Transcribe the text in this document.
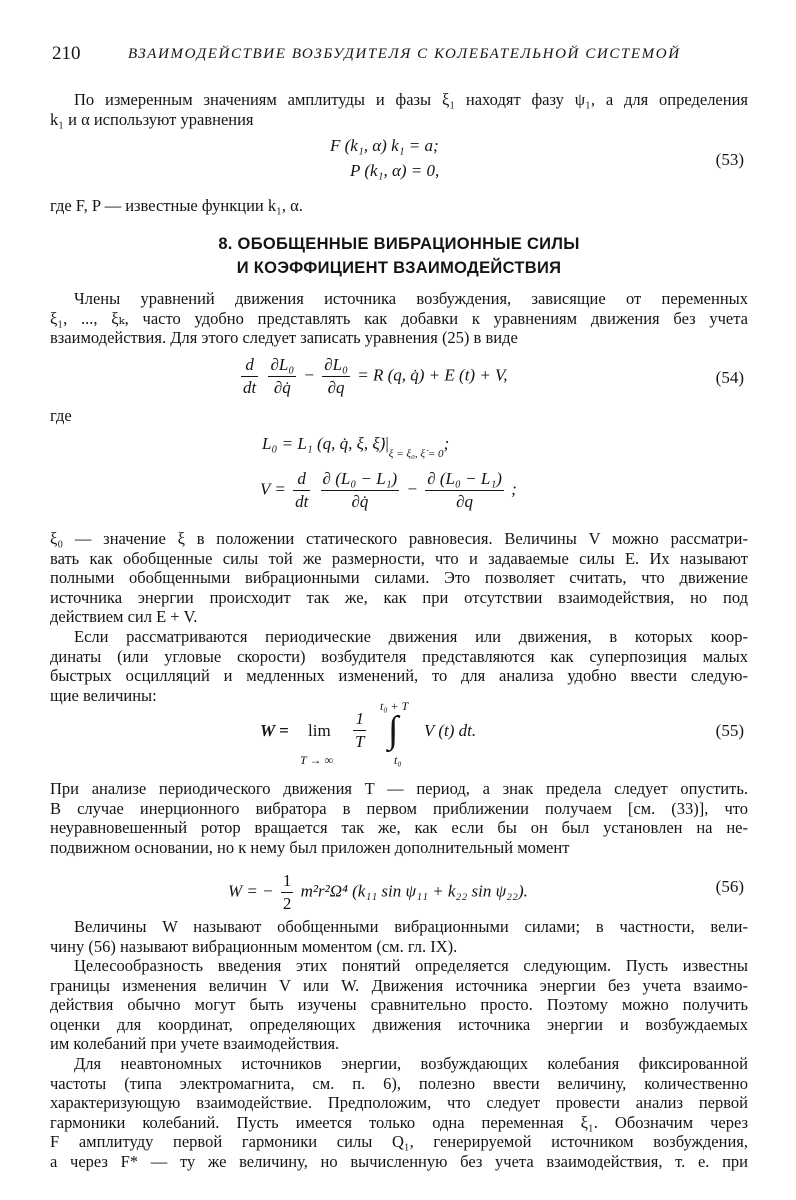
210	ВЗАИМОДЕЙСТВИЕ ВОЗБУДИТЕЛЯ С КОЛЕБАТЕЛЬНОЙ СИСТЕМОЙ
По измеренным значениям амплитуды и фазы ξ₁ находят фазу ψ₁, а для определения
k₁ и α используют уравнения
F (k₁, α) k₁ = a;
P (k₁, α) = 0,
(53)
где F, P — известные функции k₁, α.
8. ОБОБЩЕННЫЕ ВИБРАЦИОННЫЕ СИЛЫ
И КОЭФФИЦИЕНТ ВЗАИМОДЕЙСТВИЯ
Члены уравнений движения источника возбуждения, зависящие от переменных
ξ₁, ..., ξₖ, часто удобно представлять как добавки к уравнениям движения без учета
взаимодействия. Для этого следует записать уравнения (25) в виде
$\frac{d}{dt}$
$\frac{\text{∂L₀}}{\partial q̇} - \frac{\text{∂L₀}}{\partial q} = R$ (q, q̇) + E (t) + V,	(54)
где
L₀ = L₁ (q, q̇, ξ, $\xi̇)|_{\xi = \xi_0, \xi̇ = 0}$;
$V = \frac{d}{dt}$
$\frac{\text{∂ (L₀ − L₁)}}{\partial q̇} - \frac{\text{∂ (L₀ − L₁)}}{\partial q}$ ;
ξ₀ — значение ξ в положении статического равновесия. Величины V можно рассматри-
вать как обобщенные силы той же размерности, что и задаваемые силы E. Их называют
полными обобщенными вибрационными силами. Это позволяет считать, что движение
источника энергии происходит так же, как при отсутствии взаимодействия, но под
действием сил E + V.
Если рассматриваются периодические движения или движения, в которых коор-
динаты (или угловые скорости) возбудителя представляются как суперпозиция малых
быстрых осцилляций и медленных изменений, то для анализа удобно ввести следую-
щие величины:
W = lim
T → ∞
$\frac{1}{T}$
t₀ + T
∫
t₀
V (t) dt.	(55)
При анализе периодического движения T — период, а знак предела следует опустить.
В случае инерционного вибратора в первом приближении получаем [см. (33)], что
неуравновешенный ротор вращается так же, как если бы он был установлен на не-
подвижном основании, но к нему был приложен дополнительный момент
W = − $\frac{1}{2} m^2r^2\Omega^4$ (k₁₁ sin ψ₁₁ + k₂₂ sin ψ₂₂).	(56)
Величины W называют обобщенными вибрационными силами; в частности, вели-
чину (56) называют вибрационным моментом (см. гл. IX).
Целесообразность введения этих понятий определяется следующим. Пусть известны
границы изменения величин V или W. Движения источника энергии без учета взаимо-
действия обычно могут быть изучены сравнительно просто. Поэтому можно получить
оценки для координат, определяющих движения источника энергии и возбуждаемых
им колебаний при учете взаимодействия.
Для неавтономных источников энергии, возбуждающих колебания фиксированной
частоты (типа электромагнита, см. п. 6), полезно ввести величину, количественно
характеризующую взаимодействие. Предположим, что следует провести анализ первой
гармоники колебаний. Пусть имеется только одна переменная ξ₁. Обозначим через
F амплитуду первой гармоники силы Q₁, генерируемой источником возбуждения,
а через F* — ту же величину, но вычисленную без учета взаимодействия, т. е. при
